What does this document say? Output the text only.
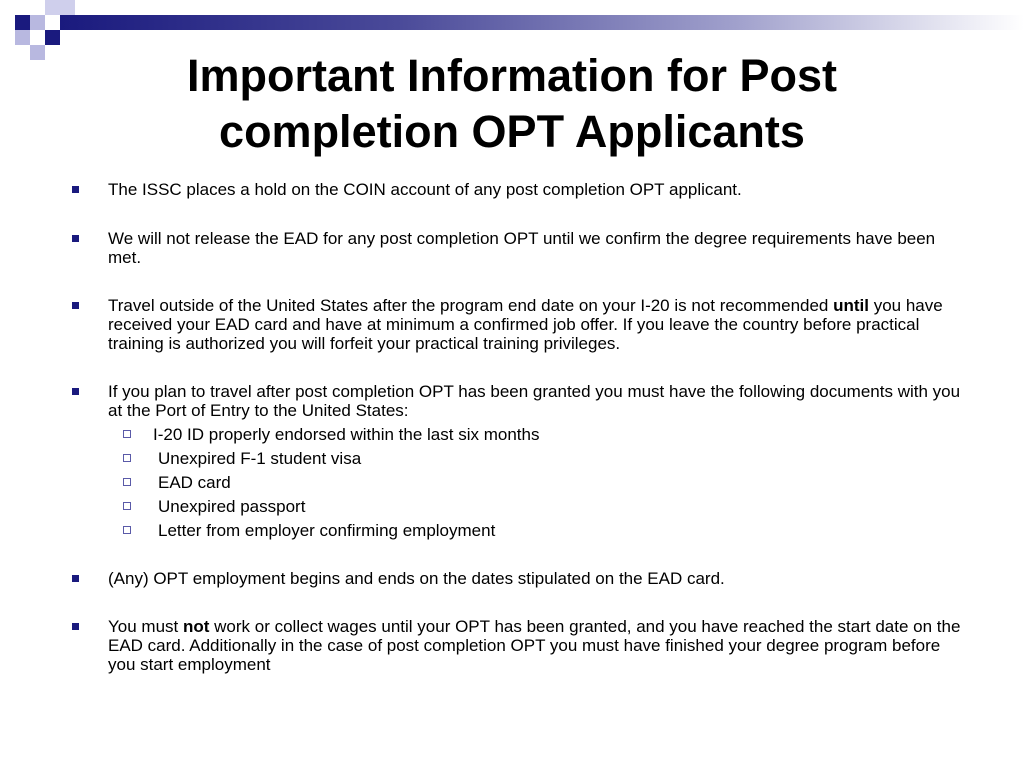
Important Information for Post
completion OPT Applicants
The ISSC places a hold on the COIN account of any post completion OPT applicant.
We will not release the EAD for any post completion OPT until we confirm the degree requirements have been met.
Travel outside of the United States after the program end date on your I-20 is not recommended until you have received your EAD card and have at minimum a confirmed job offer. If you leave the country before practical training is authorized you will forfeit your practical training privileges.
If you plan to travel after post completion OPT has been granted you must have the following documents with you at the Port of Entry to the United States:
I-20 ID properly endorsed within the last six months
Unexpired F-1 student visa
EAD card
Unexpired passport
Letter from employer confirming employment
(Any) OPT employment begins and ends on the dates stipulated on the EAD card.
You must not work or collect wages until your OPT has been granted, and you have reached the start date on the EAD card. Additionally in the case of post completion OPT you must have finished your degree program before you start employment
